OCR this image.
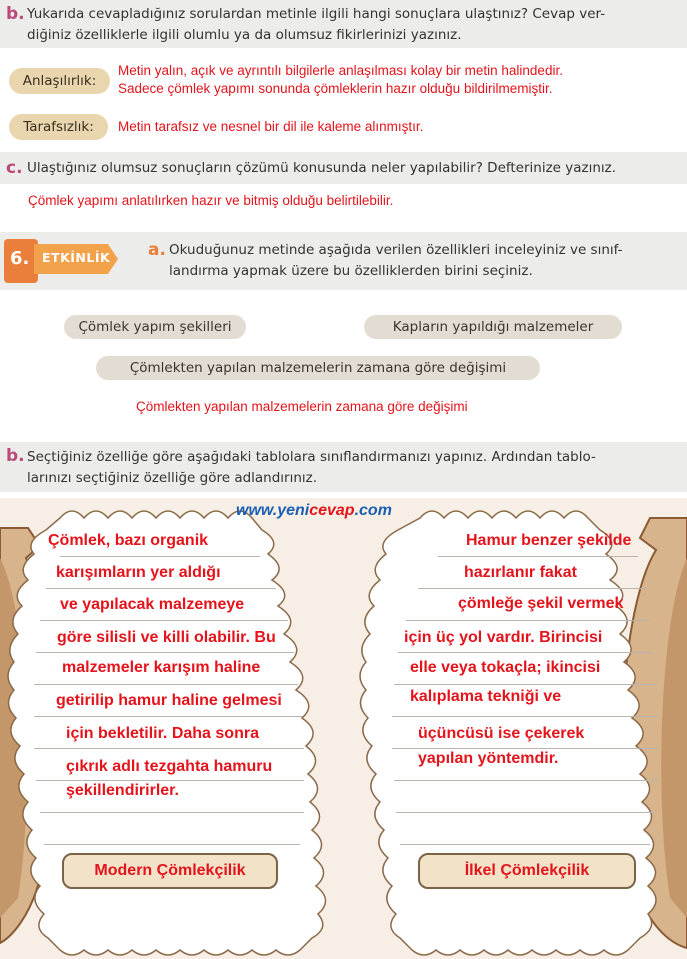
b. Yukarıda cevapladığınız sorulardan metinle ilgili hangi sonuçlara ulaştınız? Cevap ver-
diğiniz özelliklerle ilgili olumlu ya da olumsuz fikirlerinizi yazınız.
Anlaşılırlık:
Metin yalın, açık ve ayrıntılı bilgilerle anlaşılması kolay bir metin halindedir.
Sadece çömlek yapımı sonunda çömleklerin hazır olduğu bildirilmemiştir.
Tarafsızlık:	Metin tarafsız ve nesnel bir dil ile kaleme alınmıştır.
c. Ulaştığınız olumsuz sonuçların çözümü konusunda neler yapılabilir? Defterinize yazınız.
Çömlek yapımı anlatılırken hazır ve bitmiş olduğu belirtilebilir.
6. ETKİNLİK a. Okuduğunuz metinde aşağıda verilen özellikleri inceleyiniz ve sınıf-
landırma yapmak üzere bu özelliklerden birini seçiniz.
Çömlek yapım şekilleri	Kapların yapıldığı malzemeler
Çömlekten yapılan malzemelerin zamana göre değişimi
Çömlekten yapılan malzemelerin zamana göre değişimi
b. Seçtiğiniz özelliğe göre aşağıdaki tablolara sınıflandırmanızı yapınız. Ardından tablo-
larınızı seçtiğiniz özelliğe göre adlandırınız.
www.yenicevap.com
Çömlek, bazı organik
karışımların yer aldığı
ve yapılacak malzemeye
göre silisli ve killi olabilir. Bu
malzemeler karışım haline
getirilip hamur haline gelmesi
için bekletilir. Daha sonra
çıkrık adlı tezgahta hamuru
şekillendirirler.
Modern Çömlekçilik
Hamur benzer şekilde
hazırlanır fakat
çömleğe şekil vermek
için üç yol vardır. Birincisi
elle veya tokaçla; ikincisi
kalıplama tekniği ve
üçüncüsü ise çekerek
yapılan yöntemdir.
İlkel Çömlekçilik
